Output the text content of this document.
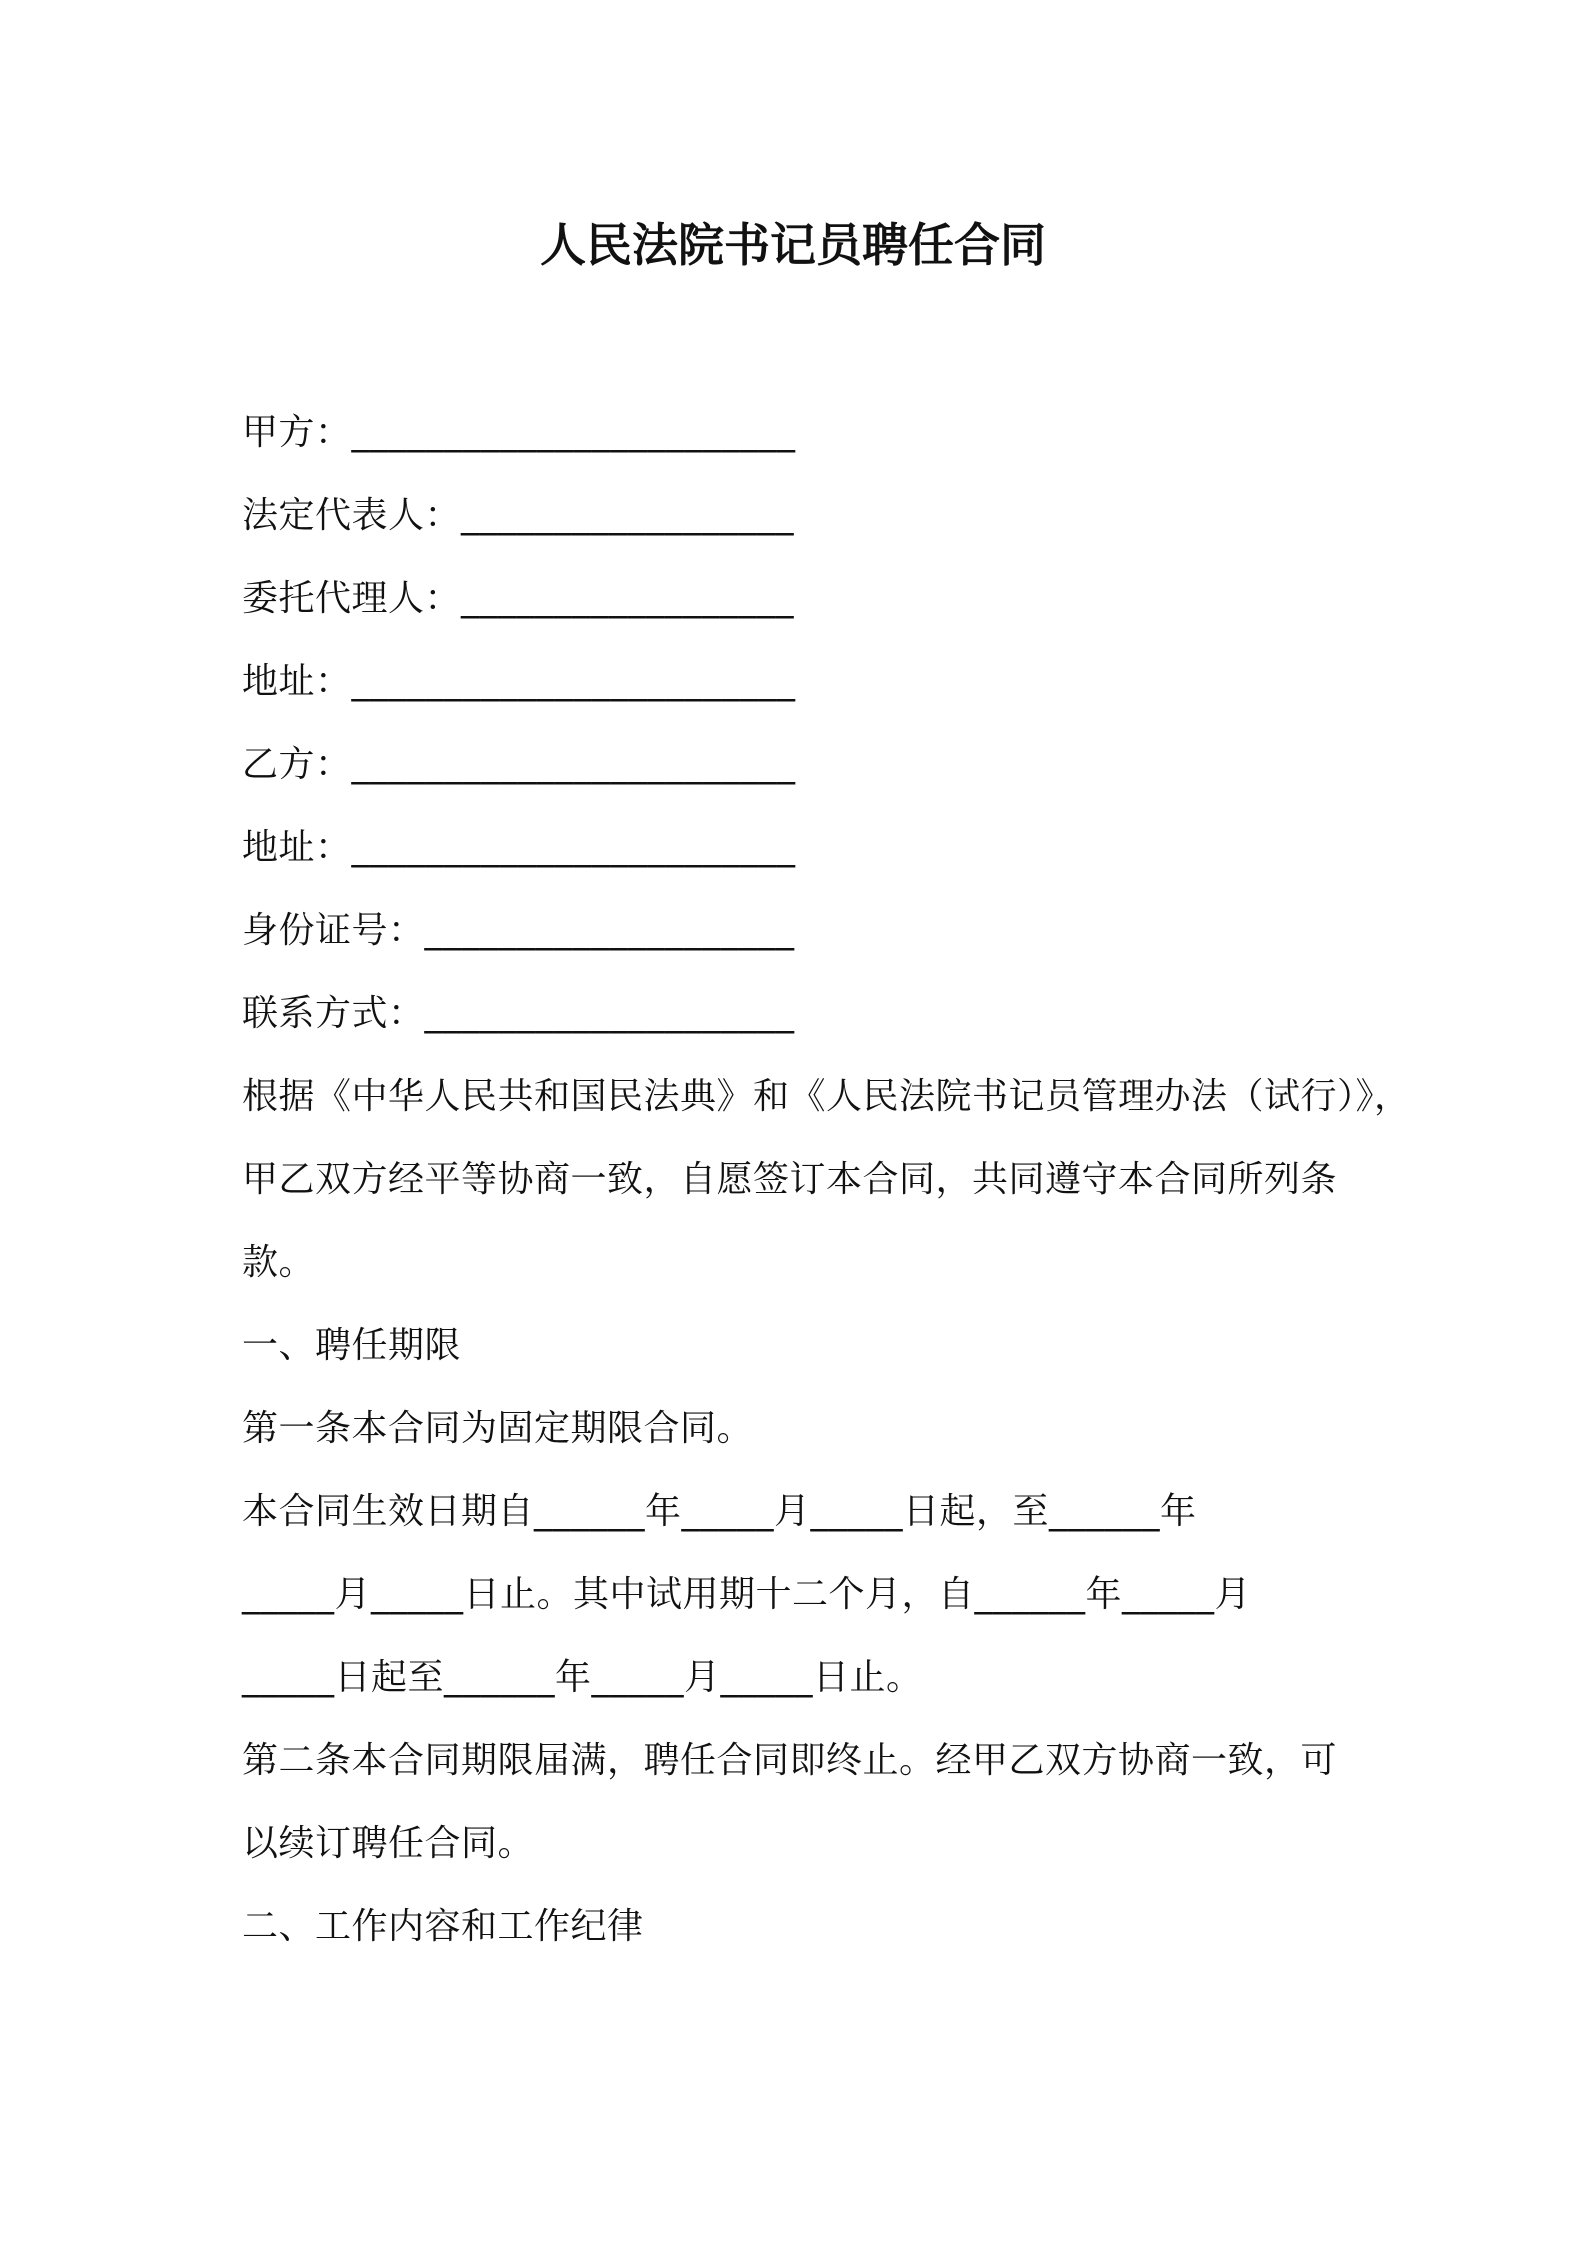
人民法院书记员聘任合同
甲方：________________________
法定代表人：__________________
委托代理人：__________________
地址：________________________
乙方：________________________
地址：________________________
身份证号：____________________
联系方式：____________________
根据《中华人民共和国民法典》和《人民法院书记员管理办法（试行）》，
甲乙双方经平等协商一致，自愿签订本合同，共同遵守本合同所列条
款。
一、聘任期限
第一条本合同为固定期限合同。
本合同生效日期自______年_____月_____日起，至______年
_____月_____日止。其中试用期十二个月，自______年_____月
_____日起至______年_____月_____日止。
第二条本合同期限届满，聘任合同即终止。经甲乙双方协商一致，可
以续订聘任合同。
二、工作内容和工作纪律
